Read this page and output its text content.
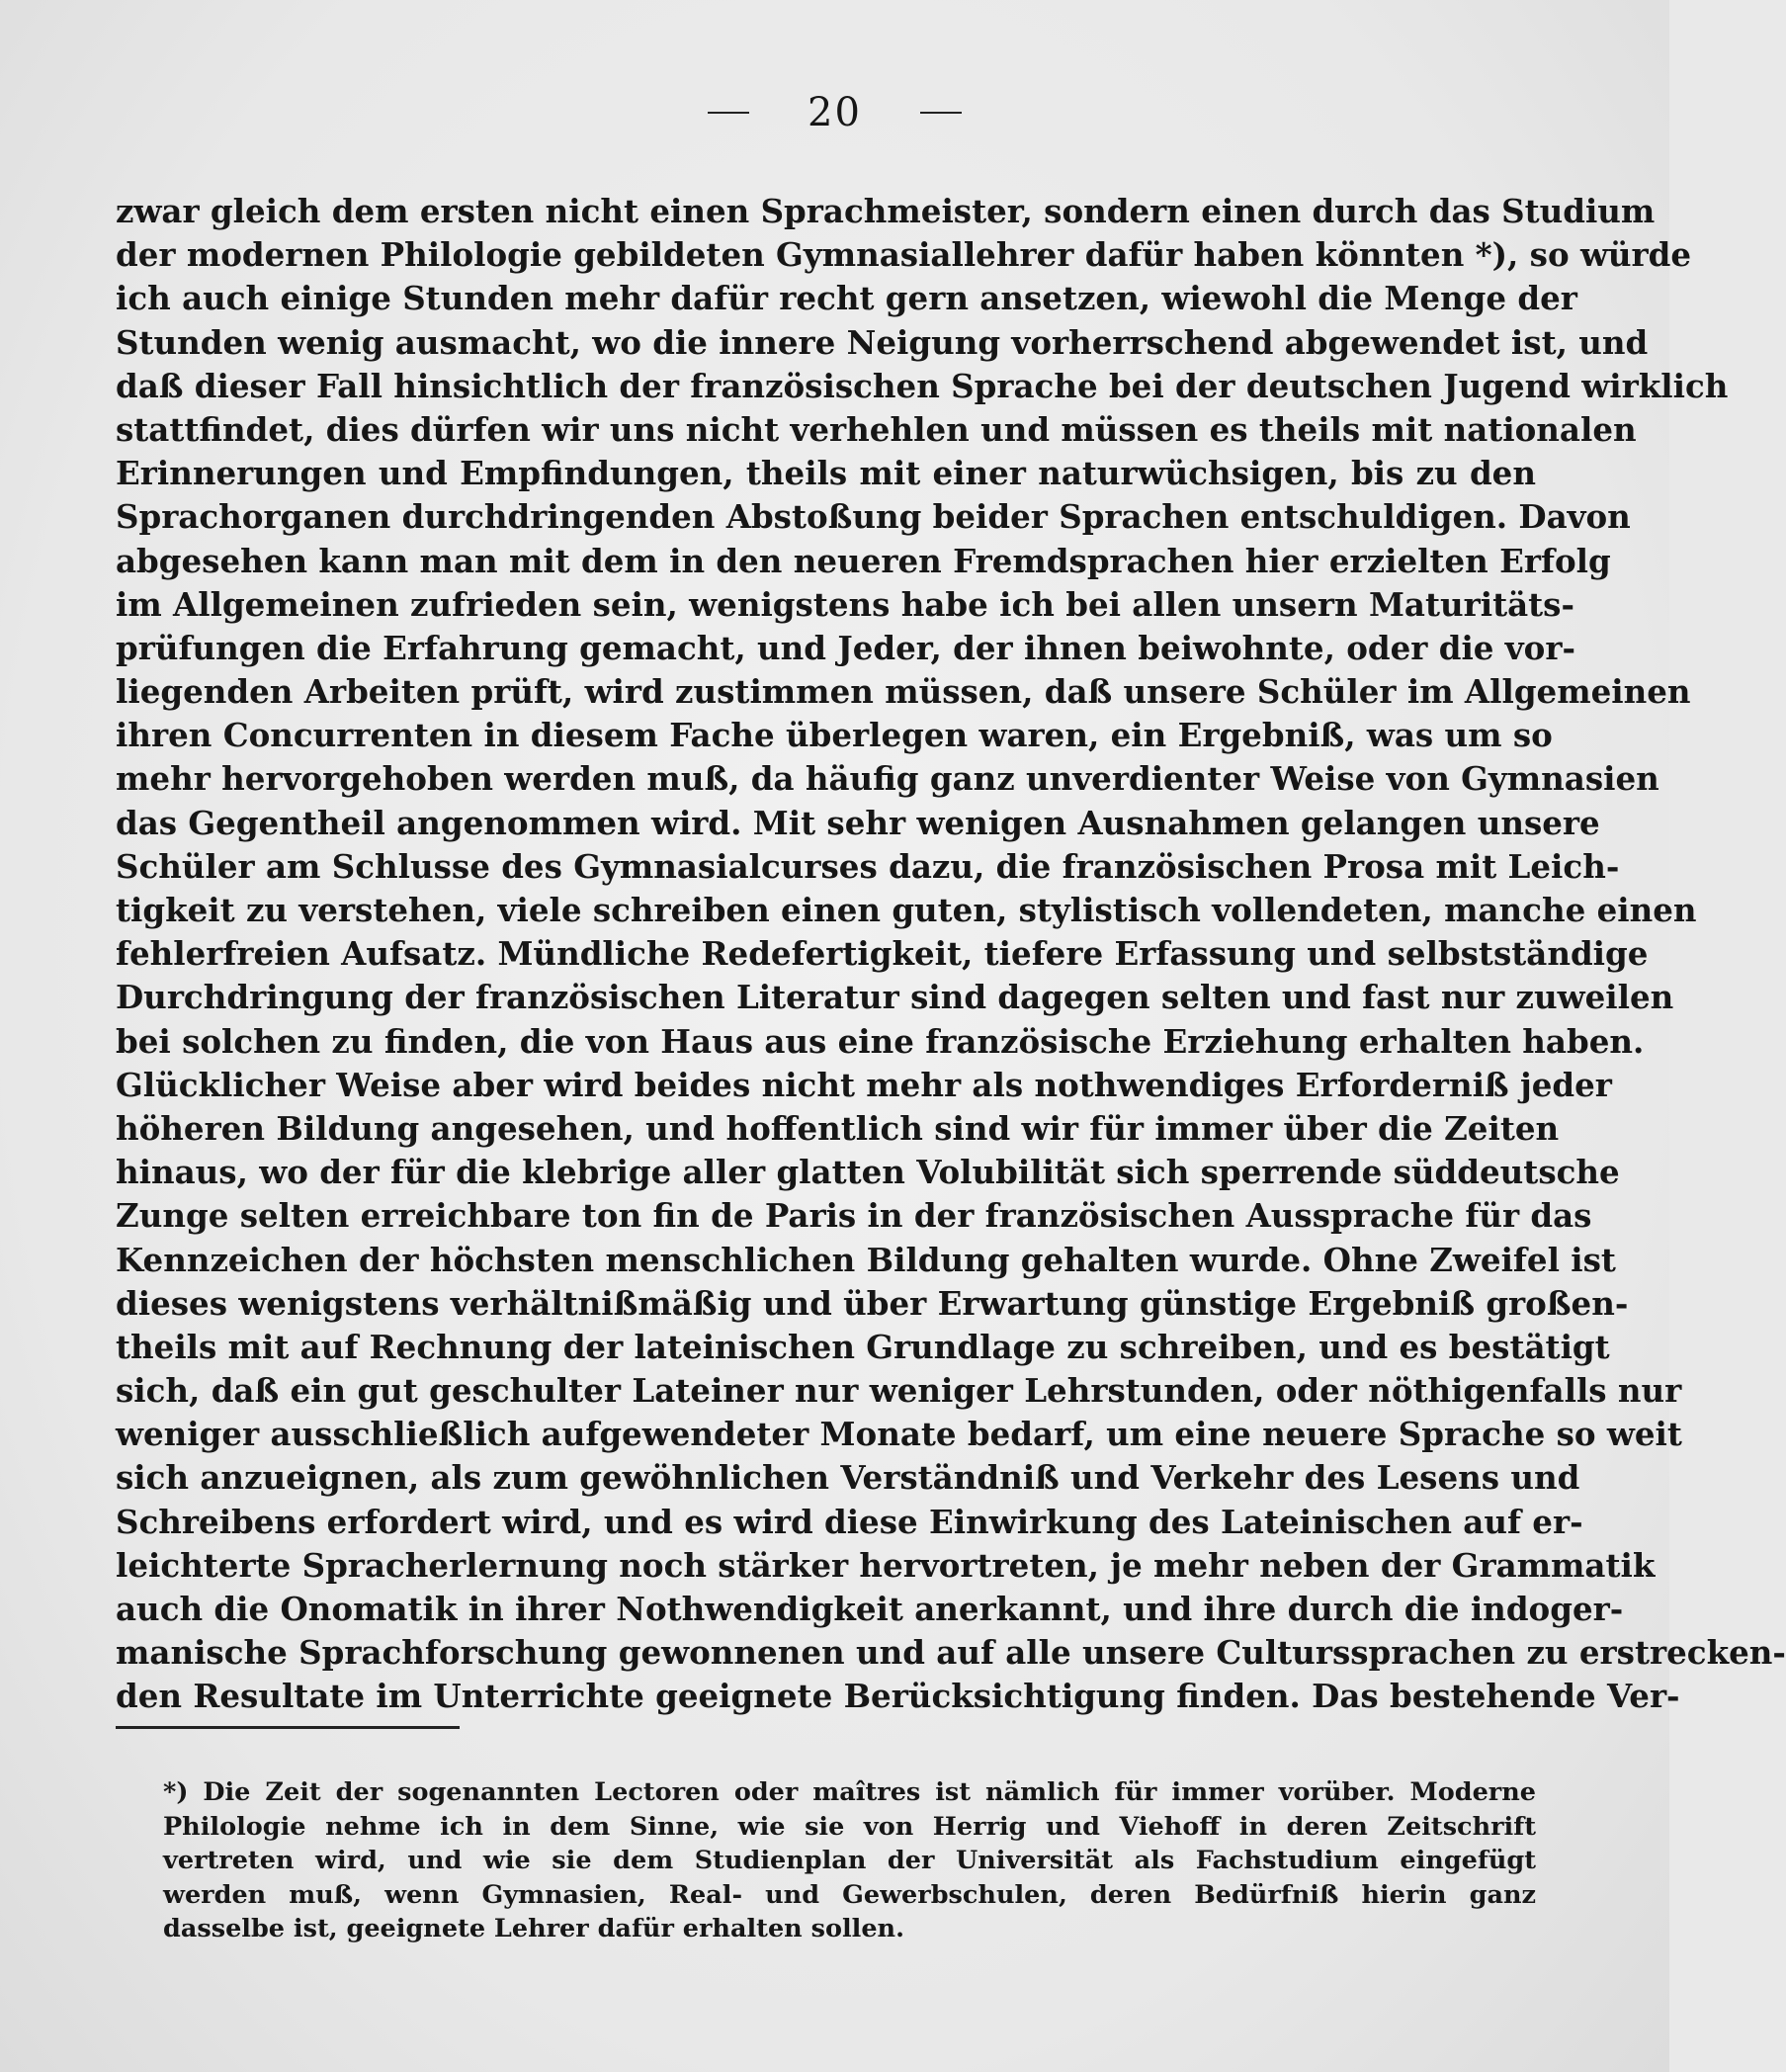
20
zwar gleich dem ersten nicht einen Sprachmeister, sondern einen durch das Studium
der modernen Philologie gebildeten Gymnasiallehrer dafür haben könnten *), so würde
ich auch einige Stunden mehr dafür recht gern ansetzen, wiewohl die Menge der
Stunden wenig ausmacht, wo die innere Neigung vorherrschend abgewendet ist, und
daß dieser Fall hinsichtlich der französischen Sprache bei der deutschen Jugend wirklich
stattfindet, dies dürfen wir uns nicht verhehlen und müssen es theils mit nationalen
Erinnerungen und Empfindungen, theils mit einer naturwüchsigen, bis zu den
Sprachorganen durchdringenden Abstoßung beider Sprachen entschuldigen. Davon
abgesehen kann man mit dem in den neueren Fremdsprachen hier erzielten Erfolg
im Allgemeinen zufrieden sein, wenigstens habe ich bei allen unsern Maturitäts-
prüfungen die Erfahrung gemacht, und Jeder, der ihnen beiwohnte, oder die vor-
liegenden Arbeiten prüft, wird zustimmen müssen, daß unsere Schüler im Allgemeinen
ihren Concurrenten in diesem Fache überlegen waren, ein Ergebniß, was um so
mehr hervorgehoben werden muß, da häufig ganz unverdienter Weise von Gymnasien
das Gegentheil angenommen wird. Mit sehr wenigen Ausnahmen gelangen unsere
Schüler am Schlusse des Gymnasialcurses dazu, die französischen Prosa mit Leich-
tigkeit zu verstehen, viele schreiben einen guten, stylistisch vollendeten, manche einen
fehlerfreien Aufsatz. Mündliche Redefertigkeit, tiefere Erfassung und selbstständige
Durchdringung der französischen Literatur sind dagegen selten und fast nur zuweilen
bei solchen zu finden, die von Haus aus eine französische Erziehung erhalten haben.
Glücklicher Weise aber wird beides nicht mehr als nothwendiges Erforderniß jeder
höheren Bildung angesehen, und hoffentlich sind wir für immer über die Zeiten
hinaus, wo der für die klebrige aller glatten Volubilität sich sperrende süddeutsche
Zunge selten erreichbare ton fin de Paris in der französischen Aussprache für das
Kennzeichen der höchsten menschlichen Bildung gehalten wurde. Ohne Zweifel ist
dieses wenigstens verhältnißmäßig und über Erwartung günstige Ergebniß großen-
theils mit auf Rechnung der lateinischen Grundlage zu schreiben, und es bestätigt
sich, daß ein gut geschulter Lateiner nur weniger Lehrstunden, oder nöthigenfalls nur
weniger ausschließlich aufgewendeter Monate bedarf, um eine neuere Sprache so weit
sich anzueignen, als zum gewöhnlichen Verständniß und Verkehr des Lesens und
Schreibens erfordert wird, und es wird diese Einwirkung des Lateinischen auf er-
leichterte Spracherlernung noch stärker hervortreten, je mehr neben der Grammatik
auch die Onomatik in ihrer Nothwendigkeit anerkannt, und ihre durch die indoger-
manische Sprachforschung gewonnenen und auf alle unsere Culturssprachen zu erstrecken-
den Resultate im Unterrichte geeignete Berücksichtigung finden. Das bestehende Ver-
*) Die Zeit der sogenannten Lectoren oder maîtres ist nämlich für immer vorüber. Moderne
Philologie nehme ich in dem Sinne, wie sie von Herrig und Viehoff in deren Zeitschrift
vertreten wird, und wie sie dem Studienplan der Universität als Fachstudium eingefügt
werden muß, wenn Gymnasien, Real- und Gewerbschulen, deren Bedürfniß hierin ganz
dasselbe ist, geeignete Lehrer dafür erhalten sollen.
